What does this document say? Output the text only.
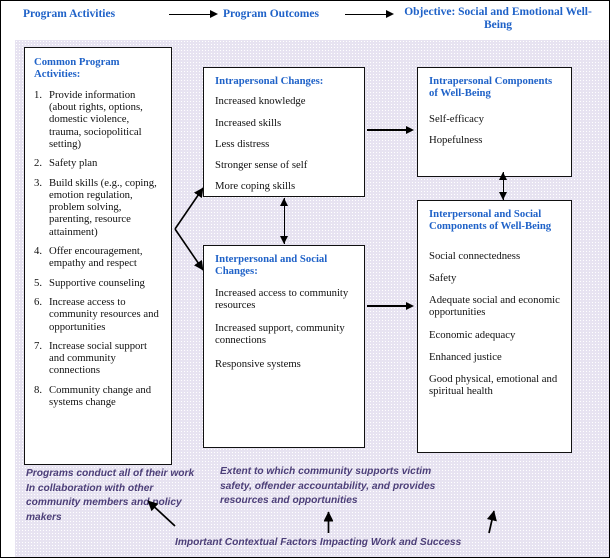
Program Activities	Program Outcomes	Objective: Social and Emotional Well-Being
Common Program Activities:
1. Provide information (about rights, options, domestic violence, trauma, sociopolitical setting)
2. Safety plan
3. Build skills (e.g., coping, emotion regulation, problem solving, parenting, resource attainment)
4. Offer encouragement, empathy and respect
5. Supportive counseling
6. Increase access to community resources and opportunities
7. Increase social support and community connections
8. Community change and systems change
Intrapersonal Changes:
Increased knowledge
Increased skills
Less distress
Stronger sense of self
More coping skills
Interpersonal and Social Changes:
Increased access to community resources
Increased support, community connections
Responsive systems
Intrapersonal Components of Well-Being
Self-efficacy
Hopefulness
Interpersonal and Social Components of Well-Being
Social connectedness
Safety
Adequate social and economic opportunities
Economic adequacy
Enhanced justice
Good physical, emotional and spiritual health
Programs conduct all of their work In collaboration with other community members and policy makers
Extent to which community supports victim safety, offender accountability, and provides resources and opportunities
Important Contextual Factors Impacting Work and Success
